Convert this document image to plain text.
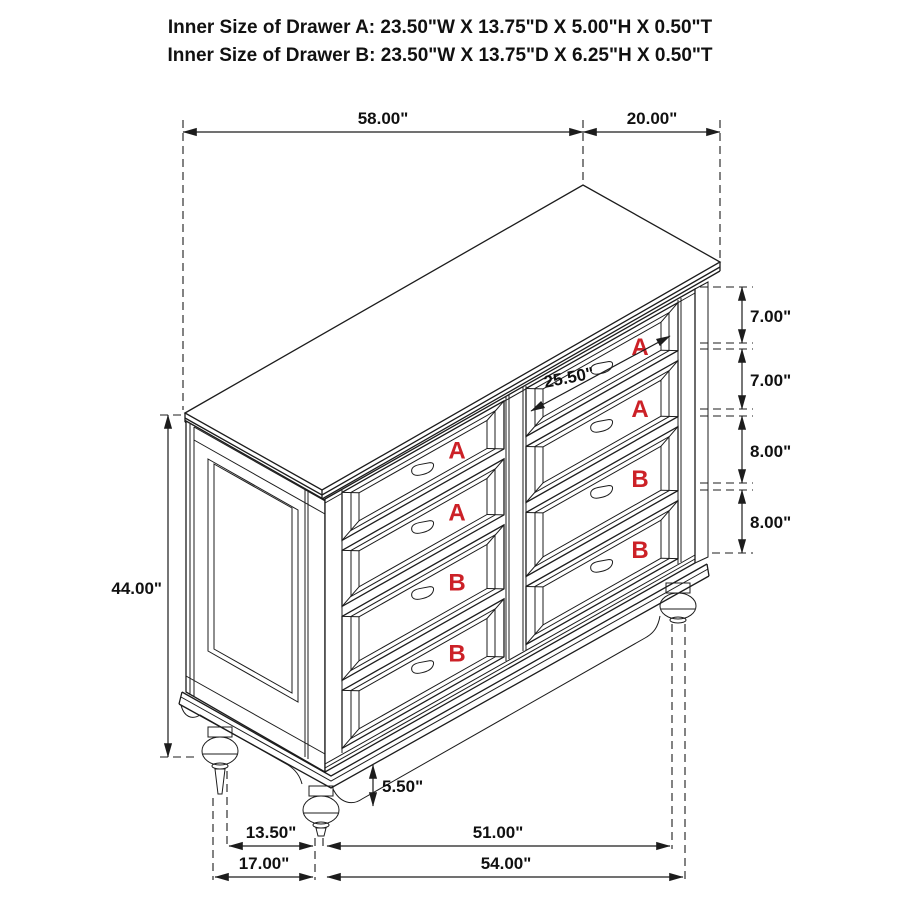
Inner Size of Drawer A: 23.50"W X 13.75"D X 5.00"H X 0.50"T
Inner Size of Drawer B: 23.50"W X 13.75"D X 6.25"H X 0.50"T
A
A
B
B
A
A
B
B
58.00"	20.00"
7.00"
7.00"
8.00"
8.00"
44.00"
25.50"
5.50"
13.50"	51.00"
17.00"	54.00"
